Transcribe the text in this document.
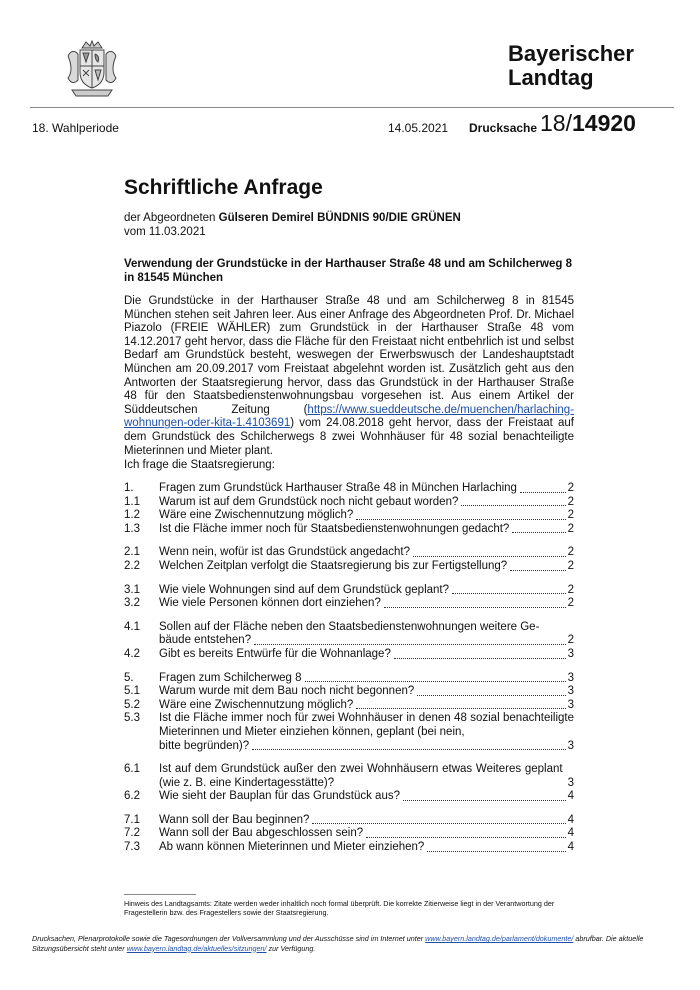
Bayerischer
Landtag
18. Wahlperiode	14.05.2021 Drucksache 18/14920
Schriftliche Anfrage
der Abgeordneten Gülseren Demirel BÜNDNIS 90/DIE GRÜNEN
vom 11.03.2021
Verwendung der Grundstücke in der Harthauser Straße 48 und am Schilcherweg 8 in 81545 München
Die Grundstücke in der Harthauser Straße 48 und am Schilcherweg 8 in 81545 München stehen seit Jahren leer. Aus einer Anfrage des Abgeordneten Prof. Dr. Michael Piazolo (FREIE WÄHLER) zum Grundstück in der Harthauser Straße 48 vom 14.12.2017 geht hervor, dass die Fläche für den Freistaat nicht entbehrlich ist und selbst Bedarf am Grundstück besteht, weswegen der Erwerbswusch der Landeshauptstadt München am 20.09.2017 vom Freistaat abgelehnt worden ist. Zusätzlich geht aus den Antworten der Staatsregierung hervor, dass das Grundstück in der Harthauser Straße 48 für den Staatsbedienstenwohnungsbau vorgesehen ist. Aus einem Artikel der Süddeutschen Zeitung (https://www.sueddeutsche.de/muenchen/harlaching-wohnungen-oder-kita-1.4103691) vom 24.08.2018 geht hervor, dass der Freistaat auf dem Grundstück des Schilcherwegs 8 zwei Wohnhäuser für 48 sozial benachteiligte Mieterinnen und Mieter plant.
Ich frage die Staatsregierung:
1.	Fragen zum Grundstück Harthauser Straße 48 in München Harlaching	2
1.1	Warum ist auf dem Grundstück noch nicht gebaut worden?	2
1.2	Wäre eine Zwischennutzung möglich?	2
1.3	Ist die Fläche immer noch für Staatsbedienstenwohnungen gedacht?	2
2.1	Wenn nein, wofür ist das Grundstück angedacht?	2
2.2	Welchen Zeitplan verfolgt die Staatsregierung bis zur Fertigstellung?	2
3.1	Wie viele Wohnungen sind auf dem Grundstück geplant?	2
3.2	Wie viele Personen können dort einziehen?	2
4.1	Sollen auf der Fläche neben den Staatsbedienstenwohnungen weitere Ge-
bäude entstehen?	2
4.2	Gibt es bereits Entwürfe für die Wohnanlage?	3
5.	Fragen zum Schilcherweg 8	3
5.1	Warum wurde mit dem Bau noch nicht begonnen?	3
5.2	Wäre eine Zwischennutzung möglich?	3
5.3	Ist die Fläche immer noch für zwei Wohnhäuser in denen 48 sozial benachteiligte Mieterinnen und Mieter einziehen können, geplant (bei nein,
bitte begründen)?	3
6.1	Ist auf dem Grundstück außer den zwei Wohnhäusern etwas Weiteres geplant (wie z. B. eine Kindertagesstätte)?	3
6.2	Wie sieht der Bauplan für das Grundstück aus?	4
7.1	Wann soll der Bau beginnen?	4
7.2	Wann soll der Bau abgeschlossen sein?	4
7.3	Ab wann können Mieterinnen und Mieter einziehen?	4
Hinweis des Landtagsamts: Zitate werden weder inhaltlich noch formal überprüft. Die korrekte Zitierweise liegt in der Verantwortung der Fragestellerin bzw. des Fragestellers sowie der Staatsregierung.
Drucksachen, Plenarprotokolle sowie die Tagesordnungen der Vollversammlung und der Ausschüsse sind im Internet unter www.bayern.landtag.de/parlament/dokumente/ abrufbar. Die aktuelle Sitzungsübersicht steht unter www.bayern.landtag.de/aktuelles/sitzungen/ zur Verfügung.
